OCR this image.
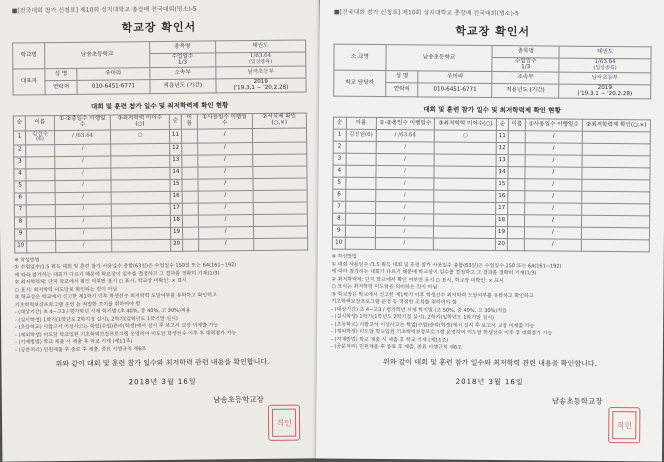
■[전국대회 참가 신청표] 제10회 성지대학교 총장배 전국대회(명소)-5
학교장 확인서
학교명	남송초등학교		종목명	태권도
			수업일수
1/3	1/63.64
(입상종목)
대표자	성 명	우미라	소속부	남자초등부
	연락처	010-6451-6771	적용년도 (기간)	2019
('19.3.1 ~ '20.2.28)
대회 및 훈련 참가 일수 및 최저학력제 확인 현황
순	이름	①-②총일수 이행일수	③최저학력 미이수(○)	순	이름	①사용일수 이행일수	②서식제 확인(○,×)
1	김선수(6)	/ /63.64	○	11		/	
2		/		12		/	
3		/		13		/	
4		/		14		/	
5		/		15		/	
6		/		16		/	
7		/		17		/	
8		/		18		/	
9		/		19		/	
10		/		20		/	

※ 작성방법

① 수업일수/1.5 획득 대회 및 훈련 참가 사용일수 총합(63일)은 수업일수 150일 또는 64(161~192)

에 따라 참가하는 대회가 다르기 때문에 학교장이 일수를 결정하고 그 결과를 정확히 기재(1/3)

② 최저학력제: 단지 학교에서 확인 여부만 표시 ○ 표시, 학교장 미확인: × 표시

○ 표시: 최저학력 미도달로 확인되는 것이 아님

③ 학교장은 학교에서 신고한 제1학기 이후 학생선수 최저학력 도달여부를 유학하고 확인하고

기초학력보장프로그램 운영 등 적절한 조치를 취하여야 함

- (대상기간) 초 4~고3 / 평가학년 시제 학기별 (초 40%, 중 40%, 고 30%)적용

- (실시학생) 1학기(1학년도 2학기정 실시), 2학기(입학년도 1학기말 실시)

- (초등학교) 시합고서 이성사고는 학업(수업)관리(학생)에서 실시 후 보고서 교장 미제출 가능

- (제외학생) 미도달 학교입원 기초학력보장프로그램 운영하여 미도달 학생선수 이후 후 대회참가 가능

- (기재방법) 학교 제출 시 제출 후 학교 기재 (제11조)

- (공문처리) 민원제출 후 종료 후 제출, 종료 시행규칙 제6조

위와 같이 대회 및 훈련 참가 일수와 최저학력 관련 내용을 확인합니다.
2018년 3월 16일
남송초등학교장
직인
■[전국대회 참가 신청표] 제10회 성지대학교 총장배 전국대회(명소)-5
학교장 확인서
소 교명	남송초등학교		종목명	태권도
			수업일수
1/3	1/63.64
(입상종목)
학교 담당자	성 명	우미라	소속부	남자초등부
	연락처	010-6451-6771	적용년도 (기간)	2019
('19.3.1 ~ '20.2.28)
대회 및 훈련 참가 일수 및 최저학력제 확인 현황
순	이름	①-②총일수 이행일수	③최저학력 미이수(○)	순	이름	①사용일수 이행일수	②최저학력제 확인(○,×)
1	김진원(6)	/ /63.64	○	11		/	
2		/		12		/	
3		/		13		/	
4		/		14		/	
5		/		15		/	
6		/		16		/	
7		/		17		/	
8		/		18		/	
9		/		19		/	
10		/		20		/	

※ 작성방법

① 대회 사용일수 /1.5 획득 대회 및 훈련 참가 사용일수 총합(63일)은 수업일수 150 또는 64(161~192)

에 따라 참가하는 대회가 다르기 때문에 학교장이 일수를 결정하고 그 결과를 정확히 기재(1/3)

② 최저학력제: 단지 학교에서 확인 여부만 표시 ○ 표시, 학교장 미확인: × 표시

○ 표시는 최저학력 미도달을 의미하는 것이 아님

③ 학교장은 학교에서 신고한 제1학기 이후 학생선수 최저학력 도달여부를 유학하고 확인하고

기초학력보장프로그램 운영 등 적절한 조치를 취하여야 함

- (대상기간) 초 4~고3 / 평가학년 시제 학기별 (초 50%, 중 40%, 고 30%)적용

- (실시학생) 1학기(1학년도 2학기정 실시), 2학기(입학년도 1학기말 실시)

- (초등학교) 시합고서 이성사고는 학업(수업)관리(학생)에서 실시 후 보고서 교장 미제출 가능

- (제외학생) 미도달 학교입원 기초학력보장프로그램 운영하여 미도달 학생선수 이후 후 대회참가 가능

- (기재방법) 학교 제출 시 제출 후 학교 기재 (제11조)

- (공문처리) 민원제출 후 종료 후 제출, 종료 시행규칙 제6조

위와 같이 대회 및 훈련 참가 일수와 최저학력 관련 내용을 확인합니다.
2018년 3월 16일
남송초등학교장
직인
